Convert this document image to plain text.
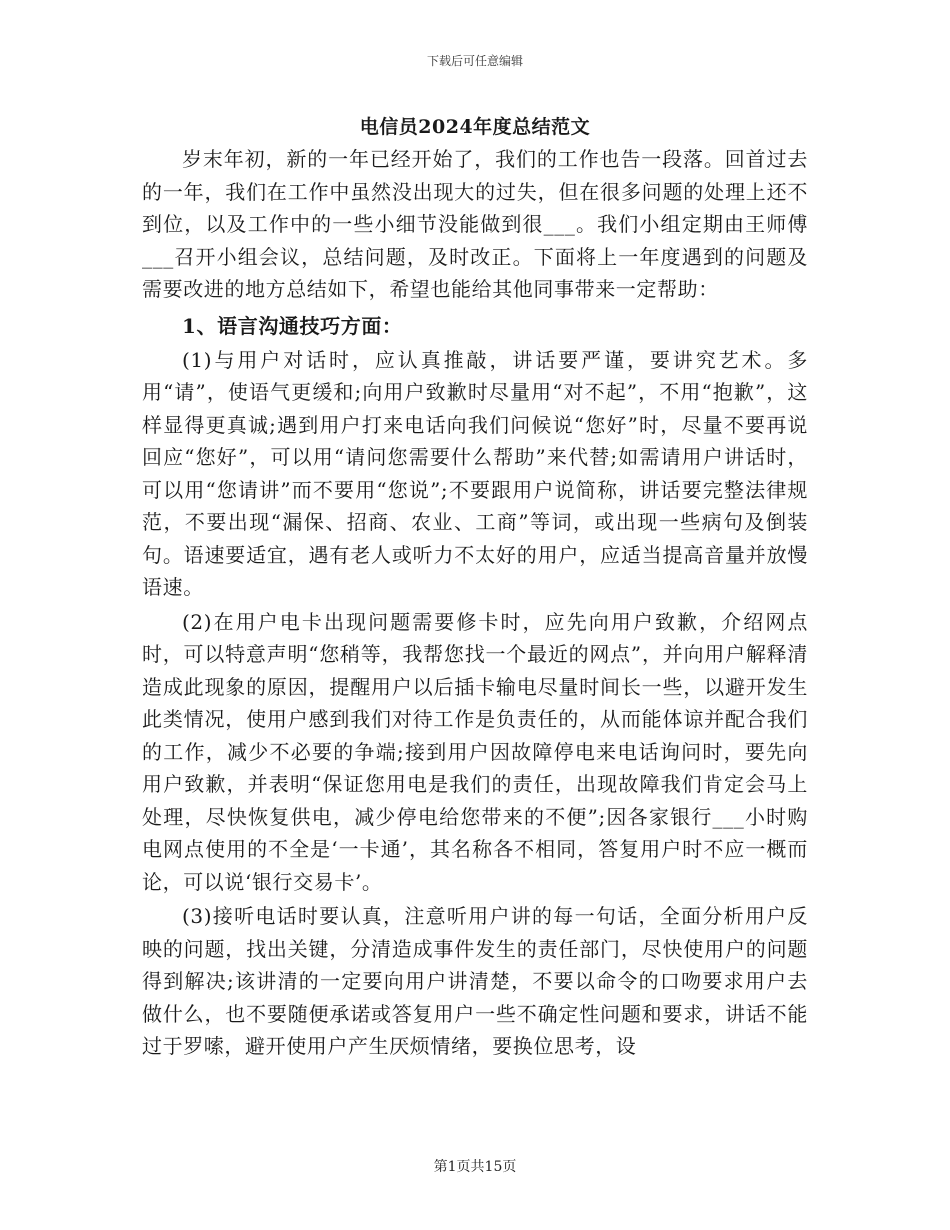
下载后可任意编辑
电信员2024年度总结范文

岁末年初，新的一年已经开始了，我们的工作也告一段落。回首过去的一年，我们在工作中虽然没出现大的过失，但在很多问题的处理上还不到位，以及工作中的一些小细节没能做到很___。我们小组定期由王师傅___召开小组会议，总结问题，及时改正。下面将上一年度遇到的问题及需要改进的地方总结如下，希望也能给其他同事带来一定帮助：

1、语言沟通技巧方面：

(1)与用户对话时，应认真推敲，讲话要严谨，要讲究艺术。多用“请”，使语气更缓和;向用户致歉时尽量用“对不起”，不用“抱歉”，这样显得更真诚;遇到用户打来电话向我们问候说“您好”时，尽量不要再说回应“您好”，可以用“请问您需要什么帮助”来代替;如需请用户讲话时，可以用“您请讲”而不要用“您说”;不要跟用户说简称，讲话要完整法律规范，不要出现“漏保、招商、农业、工商”等词，或出现一些病句及倒装句。语速要适宜，遇有老人或听力不太好的用户，应适当提高音量并放慢语速。

(2)在用户电卡出现问题需要修卡时，应先向用户致歉，介绍网点时，可以特意声明“您稍等，我帮您找一个最近的网点”，并向用户解释清造成此现象的原因，提醒用户以后插卡输电尽量时间长一些，以避开发生此类情况，使用户感到我们对待工作是负责任的，从而能体谅并配合我们的工作，减少不必要的争端;接到用户因故障停电来电话询问时，要先向用户致歉，并表明“保证您用电是我们的责任，出现故障我们肯定会马上处理，尽快恢复供电，减少停电给您带来的不便”;因各家银行___小时购电网点使用的不全是‘一卡通’，其名称各不相同，答复用户时不应一概而论，可以说‘银行交易卡’。

(3)接听电话时要认真，注意听用户讲的每一句话，全面分析用户反映的问题，找出关键，分清造成事件发生的责任部门，尽快使用户的问题得到解决;该讲清的一定要向用户讲清楚，不要以命令的口吻要求用户去做什么，也不要随便承诺或答复用户一些不确定性问题和要求，讲话不能过于罗嗦，避开使用户产生厌烦情绪，要换位思考，设

第1页共15页
